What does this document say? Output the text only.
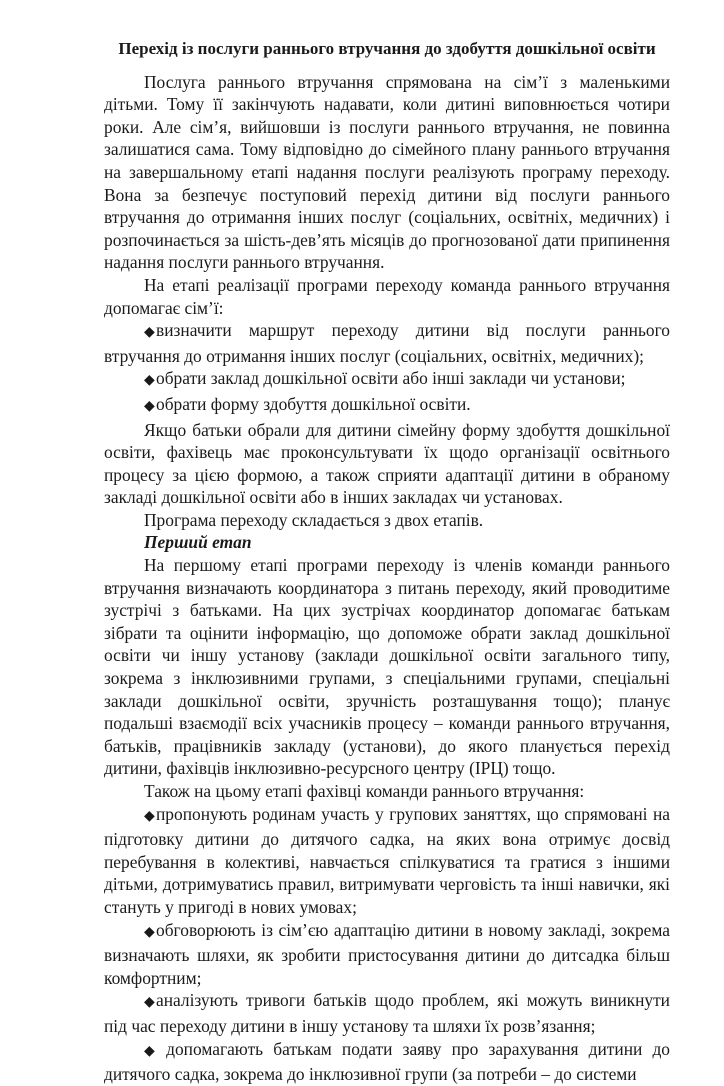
Перехід із послуги раннього втручання до здобуття дошкільної освіти

Послуга раннього втручання спрямована на сім’ї з маленькими дітьми. Тому її закінчують надавати, коли дитині виповнюється чотири роки. Але сім’я, вийшовши із послуги раннього втручання, не повинна залишатися сама. Тому відповідно до сімейного плану раннього втручання на завершальному етапі надання послуги реалізують програму переходу. Вона за безпечує поступовий перехід дитини від послуги раннього втручання до отримання інших послуг (соціальних, освітніх, медичних) і розпочинається за шість-дев’ять місяців до прогнозованої дати припинення надання послуги раннього втручання.

На етапі реалізації програми переходу команда раннього втручання допомагає сім’ї:

◆визначити маршрут переходу дитини від послуги раннього втручання до отримання інших послуг (соціальних, освітніх, медичних);

◆обрати заклад дошкільної освіти або інші заклади чи установи;

◆обрати форму здобуття дошкільної освіти.

Якщо батьки обрали для дитини сімейну форму здобуття дошкільної освіти, фахівець має проконсультувати їх щодо організації освітнього процесу за цією формою, а також сприяти адаптації дитини в обраному закладі дошкільної освіти або в інших закладах чи установах.

Програма переходу складається з двох етапів.

Перший етап

На першому етапі програми переходу із членів команди раннього втручання визначають координатора з питань переходу, який проводитиме зустрічі з батьками. На цих зустрічах координатор допомагає батькам зібрати та оцінити інформацію, що допоможе обрати заклад дошкільної освіти чи іншу установу (заклади дошкільної освіти загального типу, зокрема з інклюзивними групами, з спеціальними групами, спеціальні заклади дошкільної освіти, зручність розташування тощо); планує подальші взаємодії всіх учасників процесу – команди раннього втручання, батьків, працівників закладу (установи), до якого планується перехід дитини, фахівців інклюзивно-ресурсного центру (ІРЦ) тощо.

Також на цьому етапі фахівці команди раннього втручання:

◆пропонують родинам участь у групових заняттях, що спрямовані на підготовку дитини до дитячого садка, на яких вона отримує досвід перебування в колективі, навчається спілкуватися та гратися з іншими дітьми, дотримуватись правил, витримувати черговість та інші навички, які стануть у пригоді в нових умовах;

◆обговорюють із сім’єю адаптацію дитини в новому закладі, зокрема визначають шляхи, як зробити пристосування дитини до дитсадка більш комфортним;

◆аналізують тривоги батьків щодо проблем, які можуть виникнути під час переходу дитини в іншу установу та шляхи їх розв’язання;

◆ допомагають батькам подати заяву про зарахування дитини до дитячого садка, зокрема до інклюзивної групи (за потреби – до системи
